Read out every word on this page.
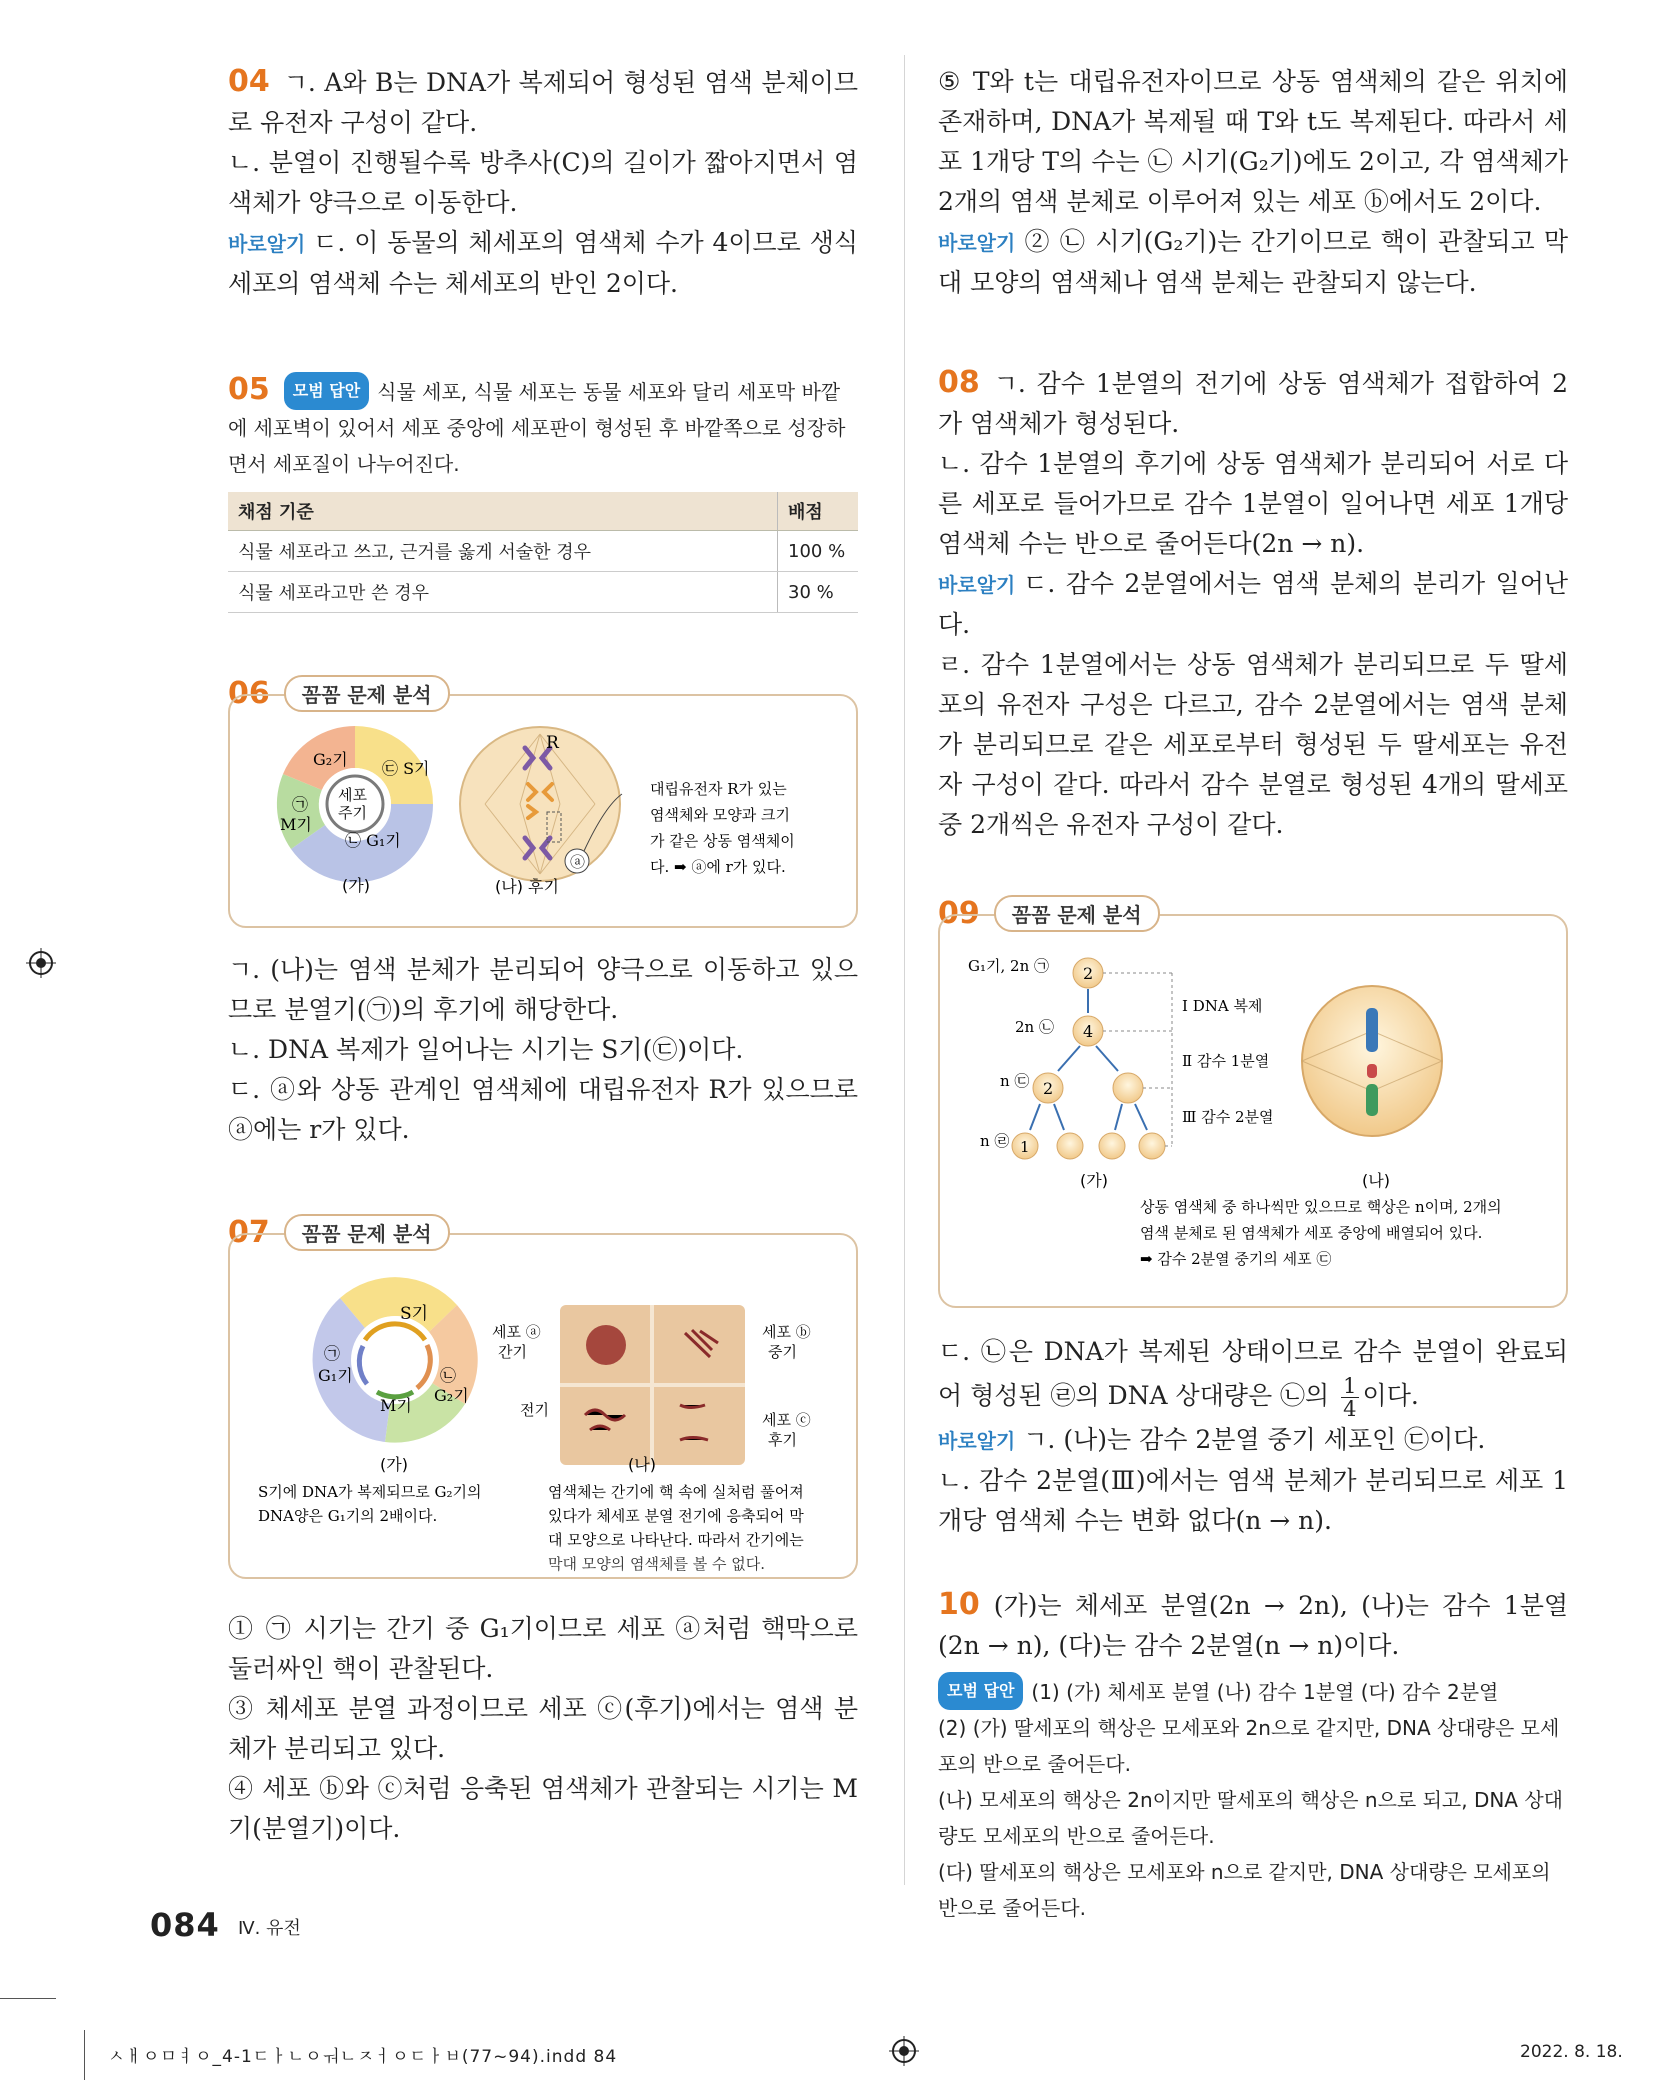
04 ㄱ. A와 B는 DNA가 복제되어 형성된 염색 분체이므로 유전자 구성이 같다.

ㄴ. 분열이 진행될수록 방추사(C)의 길이가 짧아지면서 염색체가 양극으로 이동한다.

바로알기 ㄷ. 이 동물의 체세포의 염색체 수가 4이므로 생식세포의 염색체 수는 체세포의 반인 2이다.

05 모범 답안 식물 세포, 식물 세포는 동물 세포와 달리 세포막 바깥에 세포벽이 있어서 세포 중앙에 세포판이 형성된 후 바깥쪽으로 성장하면서 세포질이 나누어진다.

채점 기준	배점
식물 세포라고 쓰고, 근거를 옳게 서술한 경우	100 %
식물 세포라고만 쓴 경우	30 %
06	꼼꼼 문제 분석
G₂기 ㉢ S기
세포
주기
㉠
M기
㉡ G₁기
(가)
R
ⓐ
(나) 후기
대립유전자 R가 있는
염색체와 모양과 크기
가 같은 상동 염색체이
다. ➡ ⓐ에 r가 있다.

ㄱ. (나)는 염색 분체가 분리되어 양극으로 이동하고 있으므로 분열기(㉠)의 후기에 해당한다.

ㄴ. DNA 복제가 일어나는 시기는 S기(㉢)이다.

ㄷ. ⓐ와 상동 관계인 염색체에 대립유전자 R가 있으므로 ⓐ에는 r가 있다.

07	꼼꼼 문제 분석
S기
㉠
G₁기	㉡
G₂기
M기
(가)
S기에 DNA가 복제되므로 G₂기의
DNA양은 G₁기의 2배이다.
세포 ⓐ
간기
세포 ⓑ
중기
전기
세포 ⓒ
후기
(나)
염색체는 간기에 핵 속에 실처럼 풀어져
있다가 체세포 분열 전기에 응축되어 막
대 모양으로 나타난다. 따라서 간기에는
막대 모양의 염색체를 볼 수 없다.

① ㉠ 시기는 간기 중 G₁기이므로 세포 ⓐ처럼 핵막으로 둘러싸인 핵이 관찰된다.

③ 체세포 분열 과정이므로 세포 ⓒ(후기)에서는 염색 분체가 분리되고 있다.

④ 세포 ⓑ와 ⓒ처럼 응축된 염색체가 관찰되는 시기는 M기(분열기)이다.

⑤ T와 t는 대립유전자이므로 상동 염색체의 같은 위치에 존재하며, DNA가 복제될 때 T와 t도 복제된다. 따라서 세포 1개당 T의 수는 ㉡ 시기(G₂기)에도 2이고, 각 염색체가 2개의 염색 분체로 이루어져 있는 세포 ⓑ에서도 2이다.

바로알기 ② ㉡ 시기(G₂기)는 간기이므로 핵이 관찰되고 막대 모양의 염색체나 염색 분체는 관찰되지 않는다.

08 ㄱ. 감수 1분열의 전기에 상동 염색체가 접합하여 2가 염색체가 형성된다.

ㄴ. 감수 1분열의 후기에 상동 염색체가 분리되어 서로 다른 세포로 들어가므로 감수 1분열이 일어나면 세포 1개당 염색체 수는 반으로 줄어든다(2n → n).

바로알기 ㄷ. 감수 2분열에서는 염색 분체의 분리가 일어난다.

ㄹ. 감수 1분열에서는 상동 염색체가 분리되므로 두 딸세포의 유전자 구성은 다르고, 감수 2분열에서는 염색 분체가 분리되므로 같은 세포로부터 형성된 두 딸세포는 유전자 구성이 같다. 따라서 감수 분열로 형성된 4개의 딸세포 중 2개씩은 유전자 구성이 같다.

09	꼼꼼 문제 분석
G₁기, 2n ㉠
2n ㉡
n ㉢
n ㉣
2
4
2
1
Ⅰ DNA 복제
Ⅱ 감수 1분열
Ⅲ 감수 2분열
(가)	(나)
상동 염색체 중 하나씩만 있으므로 핵상은 n이며, 2개의
염색 분체로 된 염색체가 세포 중앙에 배열되어 있다.
➡ 감수 2분열 중기의 세포 ㉢

ㄷ. ㉡은 DNA가 복제된 상태이므로 감수 분열이 완료되어 형성된 ㉣의 DNA 상대량은 ㉡의 $\frac{1}{4}$ 이다.

바로알기 ㄱ. (나)는 감수 2분열 중기 세포인 ㉢이다.

ㄴ. 감수 2분열(Ⅲ)에서는 염색 분체가 분리되므로 세포 1개당 염색체 수는 변화 없다(n → n).

10 (가)는 체세포 분열(2n → 2n), (나)는 감수 1분열(2n → n), (다)는 감수 2분열(n → n)이다.

모범 답안 (1) (가) 체세포 분열 (나) 감수 1분열 (다) 감수 2분열

(2) (가) 딸세포의 핵상은 모세포와 2n으로 같지만, DNA 상대량은 모세포의 반으로 줄어든다.

(나) 모세포의 핵상은 2n이지만 딸세포의 핵상은 n으로 되고, DNA 상대량도 모세포의 반으로 줄어든다.

(다) 딸세포의 핵상은 모세포와 n으로 같지만, DNA 상대량은 모세포의 반으로 줄어든다.

084 Ⅳ. 유전
ㅅㅐㅇㅁㅕㅇ_4-1ㄷㅏㄴㅇㅝㄴㅈㅓㅇㄷㅏㅂ(77~94).indd 84	2022. 8. 18.
